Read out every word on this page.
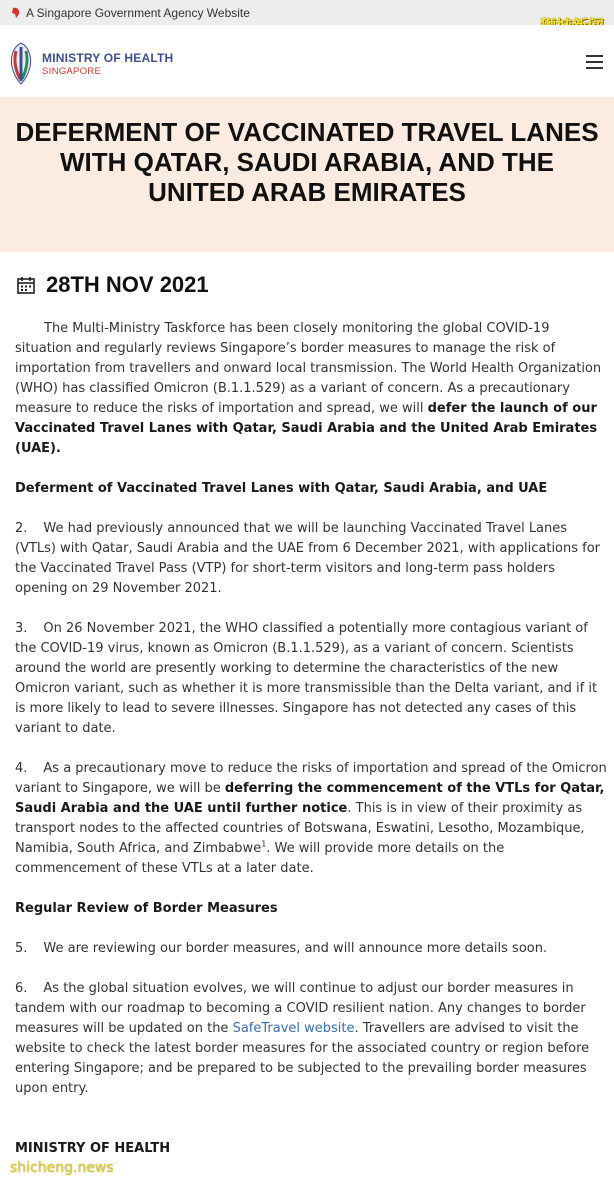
A Singapore Government Agency Website
MINISTRY OF HEALTH
SINGAPORE
DEFERMENT OF VACCINATED TRAVEL LANES WITH QATAR, SAUDI ARABIA, AND THE UNITED ARAB EMIRATES
28TH NOV 2021

The Multi-Ministry Taskforce has been closely monitoring the global COVID-19 situation and regularly reviews Singapore’s border measures to manage the risk of importation from travellers and onward local transmission. The World Health Organization (WHO) has classified Omicron (B.1.1.529) as a variant of concern. As a precautionary measure to reduce the risks of importation and spread, we will defer the launch of our Vaccinated Travel Lanes with Qatar, Saudi Arabia and the United Arab Emirates (UAE).

Deferment of Vaccinated Travel Lanes with Qatar, Saudi Arabia, and UAE

2. We had previously announced that we will be launching Vaccinated Travel Lanes (VTLs) with Qatar, Saudi Arabia and the UAE from 6 December 2021, with applications for the Vaccinated Travel Pass (VTP) for short-term visitors and long-term pass holders opening on 29 November 2021.

3. On 26 November 2021, the WHO classified a potentially more contagious variant of the COVID-19 virus, known as Omicron (B.1.1.529), as a variant of concern. Scientists around the world are presently working to determine the characteristics of the new Omicron variant, such as whether it is more transmissible than the Delta variant, and if it is more likely to lead to severe illnesses. Singapore has not detected any cases of this variant to date.

4. As a precautionary move to reduce the risks of importation and spread of the Omicron variant to Singapore, we will be deferring the commencement of the VTLs for Qatar, Saudi Arabia and the UAE until further notice. This is in view of their proximity as transport nodes to the affected countries of Botswana, Eswatini, Lesotho, Mozambique, Namibia, South Africa, and Zimbabwe$^1$. We will provide more details on the commencement of these VTLs at a later date.

Regular Review of Border Measures

5. We are reviewing our border measures, and will announce more details soon.

6. As the global situation evolves, we will continue to adjust our border measures in tandem with our roadmap to becoming a COVID resilient nation. Any changes to border measures will be updated on the SafeTravel website. Travellers are advised to visit the website to check the latest border measures for the associated country or region before entering Singapore; and be prepared to be subjected to the prevailing border measures upon entry.

MINISTRY OF HEALTH
shicheng.news
